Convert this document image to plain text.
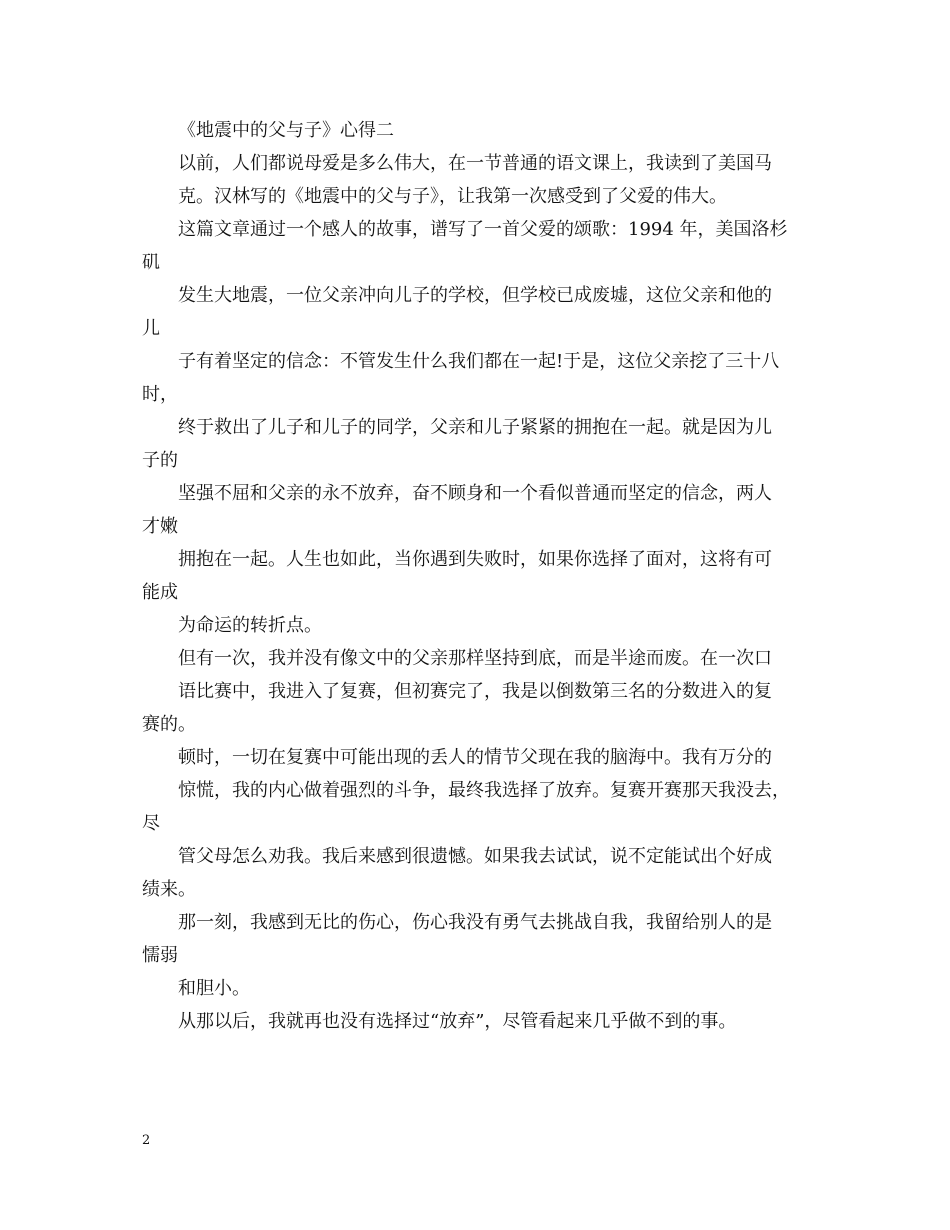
《地震中的父与子》心得二
以前，人们都说母爱是多么伟大，在一节普通的语文课上，我读到了美国马
克。汉林写的《地震中的父与子》，让我第一次感受到了父爱的伟大。
这篇文章通过一个感人的故事，谱写了一首父爱的颂歌：1994 年，美国洛杉
矶
发生大地震，一位父亲冲向儿子的学校，但学校已成废墟，这位父亲和他的
儿
子有着坚定的信念：不管发生什么我们都在一起!于是，这位父亲挖了三十八
时，
终于救出了儿子和儿子的同学，父亲和儿子紧紧的拥抱在一起。就是因为儿
子的
坚强不屈和父亲的永不放弃，奋不顾身和一个看似普通而坚定的信念，两人
才嫩
拥抱在一起。人生也如此，当你遇到失败时，如果你选择了面对，这将有可
能成
为命运的转折点。
但有一次，我并没有像文中的父亲那样坚持到底，而是半途而废。在一次口
语比赛中，我进入了复赛，但初赛完了，我是以倒数第三名的分数进入的复
赛的。
顿时，一切在复赛中可能出现的丢人的情节父现在我的脑海中。我有万分的
惊慌，我的内心做着强烈的斗争，最终我选择了放弃。复赛开赛那天我没去，
尽
管父母怎么劝我。我后来感到很遗憾。如果我去试试，说不定能试出个好成
绩来。
那一刻，我感到无比的伤心，伤心我没有勇气去挑战自我，我留给别人的是
懦弱
和胆小。
从那以后，我就再也没有选择过“放弃”，尽管看起来几乎做不到的事。
2
